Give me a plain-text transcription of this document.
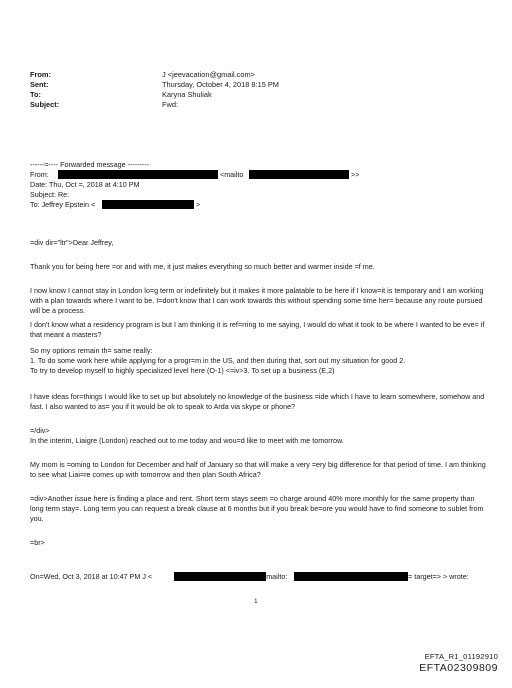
From:	J <jeevacation@gmail.com>
Sent:	Thursday, October 4, 2018 8:15 PM
To:	Karyna Shuliak
Subject:	Fwd:
------=---- Forwarded message ---------
From:	<mailto	>>
Date: Thu, Oct =, 2018 at 4:10 PM
Subject: Re:
To: Jeffrey Epstein <	>
=div dir="ltr">Dear Jeffrey,

Thank you for being here =or and with me, it just makes everything so much better and warmer inside =f me.

I now know I cannot stay in London lo=g term or indefinitely but it makes it more palatable to be here if I know=it is temporary and I am working with a plan towards where I want to be. I=don't know that I can work towards this without spending some time her= because any route pursued will be a process.

I don't know what a residency program is but I am thinking it is ref=rring to me saying, I would do what it took to be where I wanted to be eve= if that meant a masters?

So my options remain th= same really:

1. To do some work here while applying for a progr=m in the US, and then during that, sort out my situation for good 2.

To try to develop myself to highly specialized level here (O-1) <=iv>3. To set up a business (E,2)

I have ideas for=things I would like to set up but absolutely no knowledge of the business =ide which I have to learn somewhere, somehow and fast. I also wanted to as= you if it would be ok to speak to Arda via skype or phone?

=/div>

In the interim, Liaigre (London) reached out to me today and wou=d like to meet with me tomorrow.

My mom is =oming to London for December and half of January so that will make a very =ery big difference for that period of time. I am thinking to see what Liai=re comes up with tomorrow and then plan South Africa?

=div>Another issue here is finding a place and rent. Short term stays seem =o charge around 40% more monthly for the same property than long term stay=. Long term you can request a break clause at 6 months but if you break be=ore you would have to find someone to sublet from you.

=br>
On=Wed, Oct 3, 2018 at 10:47 PM J <	<mailto:	= target=> > wrote:
1
EFTA_R1_01192910
EFTA02309809
